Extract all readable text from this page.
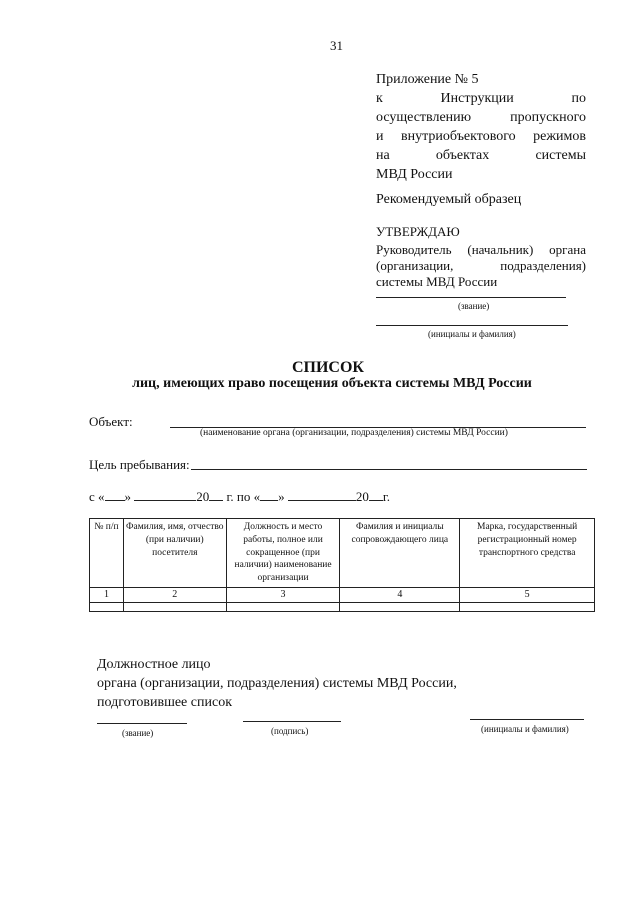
31
Приложение № 5
к	Инструкции	по
осуществлению	пропускного
и внутриобъектового режимов
на	объектах	системы
МВД России
Рекомендуемый образец
УТВЕРЖДАЮ
Руководитель (начальник) органа
(организации,	подразделения)
системы МВД России
(звание)
(инициалы и фамилия)
СПИСОК
лиц, имеющих право посещения объекта системы МВД России
Объект:
(наименование органа (организации, подразделения) системы МВД России)
Цель пребывания:
с « »	20 г. по « »	20 г.
№ п/п	Фамилия, имя, отчество (при наличии) посетителя	Должность и место работы, полное или сокращенное (при наличии) наименование организации	Фамилия и инициалы сопровождающего лица	Марка, государственный регистрационный номер транспортного средства
1	2	3	4	5

Должностное лицо
органа (организации, подразделения) системы МВД России,
подготовившее список
(звание)	(подпись)	(инициалы и фамилия)
